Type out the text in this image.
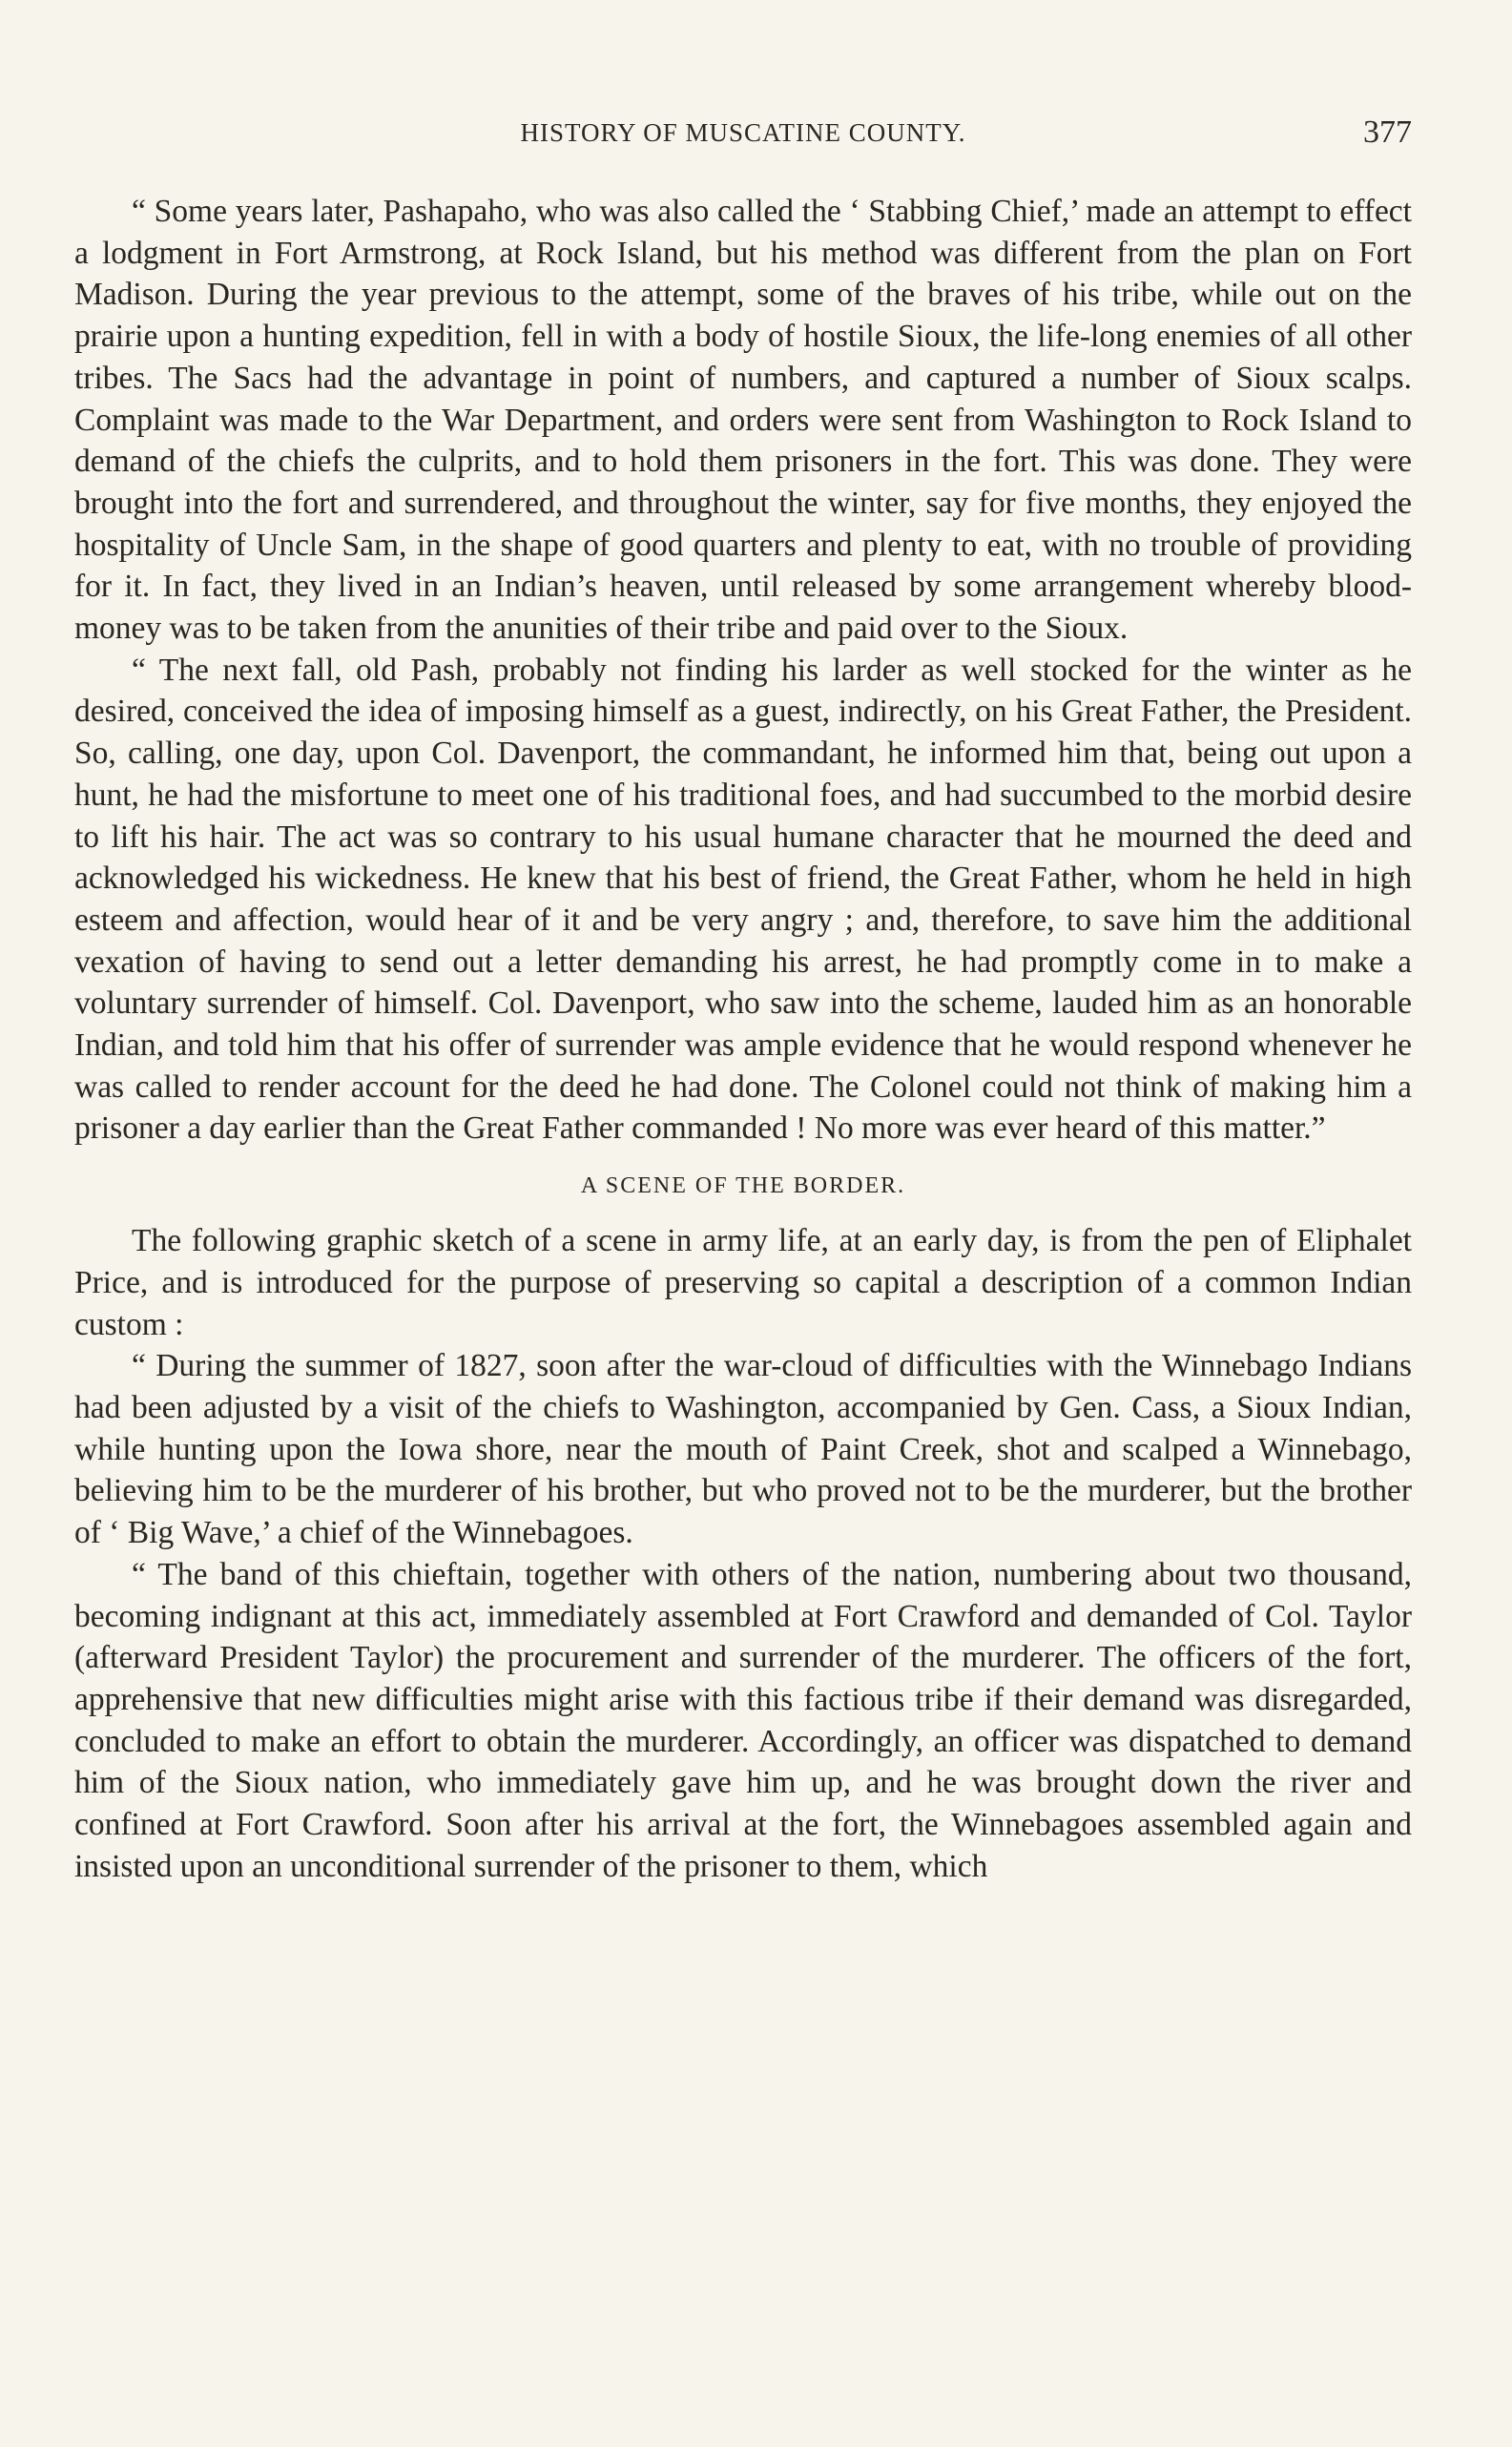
HISTORY OF MUSCATINE COUNTY.	377

“ Some years later, Pashapaho, who was also called the ‘ Stabbing Chief,’ made an attempt to effect a lodgment in Fort Armstrong, at Rock Island, but his method was different from the plan on Fort Madison. During the year previous to the attempt, some of the braves of his tribe, while out on the prairie upon a hunting expedition, fell in with a body of hostile Sioux, the life-long enemies of all other tribes. The Sacs had the advantage in point of numbers, and captured a number of Sioux scalps. Complaint was made to the War Department, and orders were sent from Washington to Rock Island to demand of the chiefs the culprits, and to hold them prisoners in the fort. This was done. They were brought into the fort and surrendered, and throughout the winter, say for five months, they enjoyed the hospitality of Uncle Sam, in the shape of good quarters and plenty to eat, with no trouble of providing for it. In fact, they lived in an Indian’s heaven, until released by some arrangement whereby blood-money was to be taken from the anunities of their tribe and paid over to the Sioux.

“ The next fall, old Pash, probably not finding his larder as well stocked for the winter as he desired, conceived the idea of imposing himself as a guest, indirectly, on his Great Father, the President. So, calling, one day, upon Col. Davenport, the commandant, he informed him that, being out upon a hunt, he had the misfortune to meet one of his traditional foes, and had succumbed to the morbid desire to lift his hair. The act was so contrary to his usual humane character that he mourned the deed and acknowledged his wickedness. He knew that his best of friend, the Great Father, whom he held in high esteem and affection, would hear of it and be very angry ; and, therefore, to save him the additional vexation of having to send out a letter demanding his arrest, he had promptly come in to make a voluntary surrender of himself. Col. Davenport, who saw into the scheme, lauded him as an honorable Indian, and told him that his offer of surrender was ample evidence that he would respond whenever he was called to render account for the deed he had done. The Colonel could not think of making him a prisoner a day earlier than the Great Father commanded ! No more was ever heard of this matter.”

A SCENE OF THE BORDER.

The following graphic sketch of a scene in army life, at an early day, is from the pen of Eliphalet Price, and is introduced for the purpose of preserving so capital a description of a common Indian custom :

“ During the summer of 1827, soon after the war-cloud of difficulties with the Winnebago Indians had been adjusted by a visit of the chiefs to Washington, accompanied by Gen. Cass, a Sioux Indian, while hunting upon the Iowa shore, near the mouth of Paint Creek, shot and scalped a Winnebago, believing him to be the murderer of his brother, but who proved not to be the murderer, but the brother of ‘ Big Wave,’ a chief of the Winnebagoes.

“ The band of this chieftain, together with others of the nation, numbering about two thousand, becoming indignant at this act, immediately assembled at Fort Crawford and demanded of Col. Taylor (afterward President Taylor) the procurement and surrender of the murderer. The officers of the fort, apprehensive that new difficulties might arise with this factious tribe if their demand was disregarded, concluded to make an effort to obtain the murderer. Accordingly, an officer was dispatched to demand him of the Sioux nation, who immediately gave him up, and he was brought down the river and confined at Fort Crawford. Soon after his arrival at the fort, the Winnebagoes assembled again and insisted upon an unconditional surrender of the prisoner to them, which
